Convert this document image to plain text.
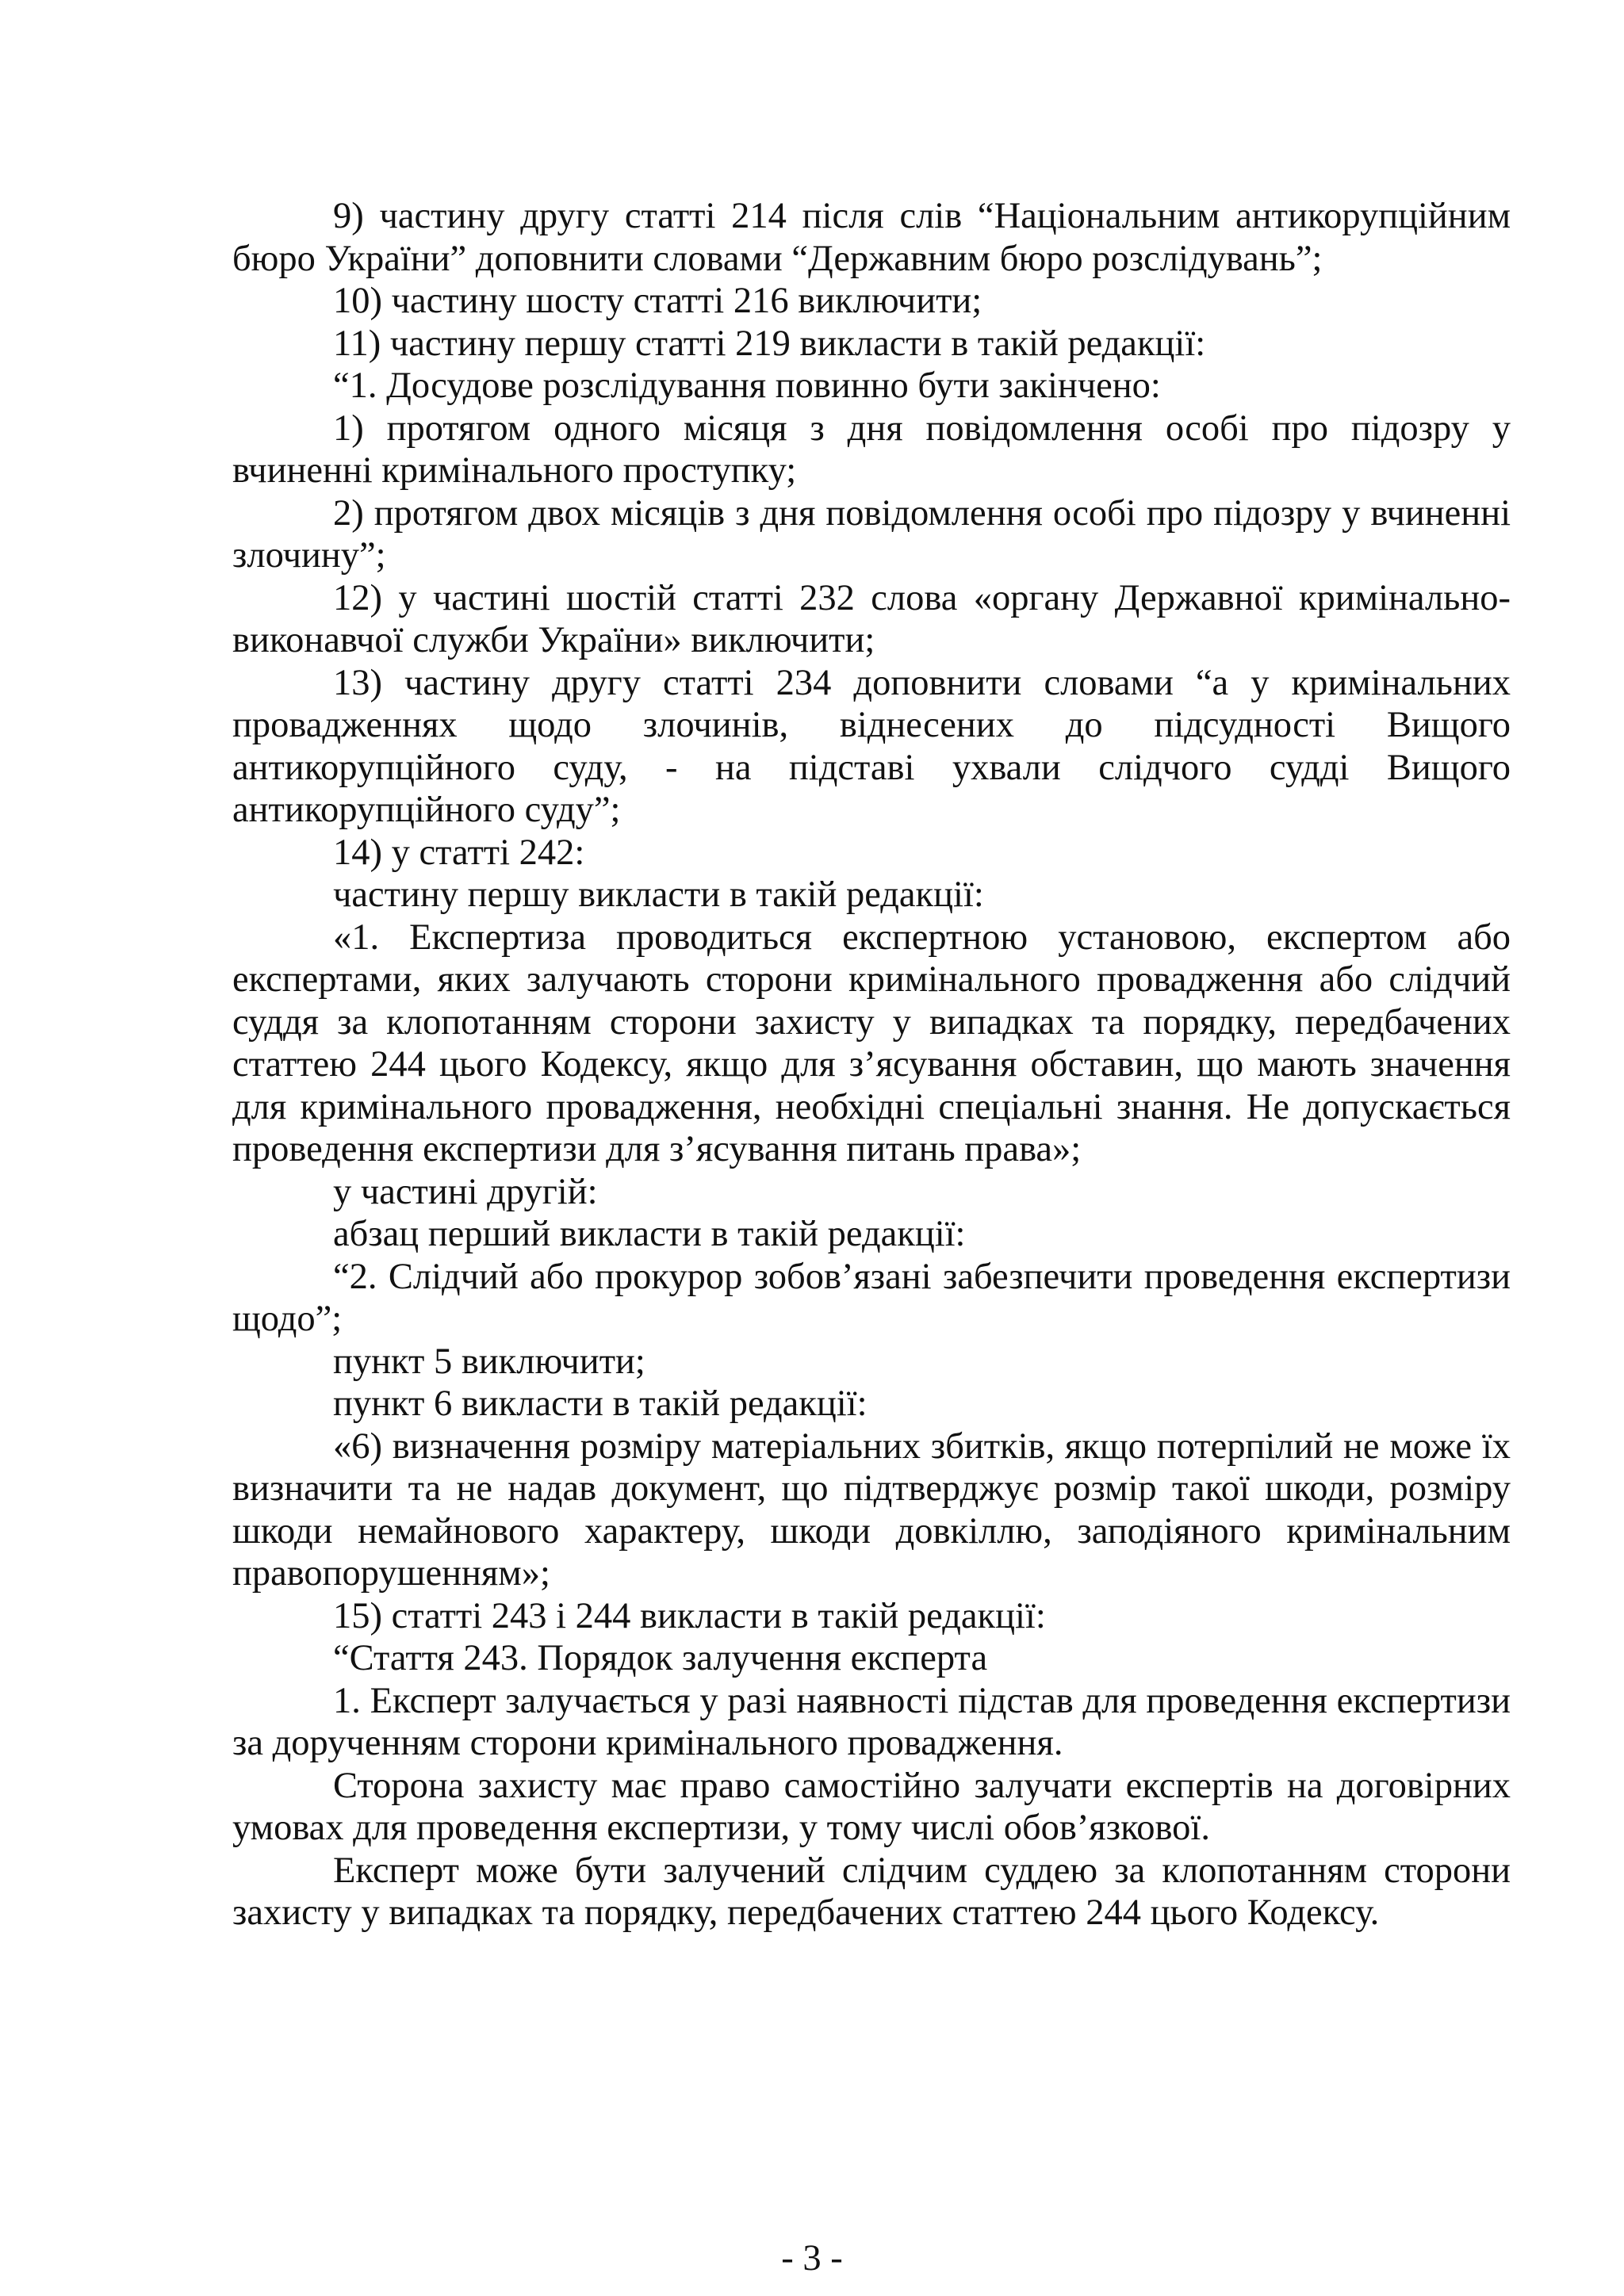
9) частину другу статті 214 після слів “Національним антикорупційним бюро України” доповнити словами “Державним бюро розслідувань”;

10) частину шосту статті 216 виключити;

11) частину першу статті 219 викласти в такій редакції:

“1. Досудове розслідування повинно бути закінчено:

1) протягом одного місяця з дня повідомлення особі про підозру у вчиненні кримінального проступку;

2) протягом двох місяців з дня повідомлення особі про підозру у вчиненні злочину”;

12) у частині шостій статті 232 слова «органу Державної кримінально-виконавчої служби України» виключити;

13) частину другу статті 234 доповнити словами “а у кримінальних провадженнях щодо злочинів, віднесених до підсудності Вищого антикорупційного суду, - на підставі ухвали слідчого судді Вищого антикорупційного суду”;

14) у статті 242:

частину першу викласти в такій редакції:

«1. Експертиза проводиться експертною установою, експертом або експертами, яких залучають сторони кримінального провадження або слідчий суддя за клопотанням сторони захисту у випадках та порядку, передбачених статтею 244 цього Кодексу, якщо для з’ясування обставин, що мають значення для кримінального провадження, необхідні спеціальні знання. Не допускається проведення експертизи для з’ясування питань права»;

у частині другій:

абзац перший викласти в такій редакції:

“2. Слідчий або прокурор зобов’язані забезпечити проведення експертизи щодо”;

пункт 5 виключити;

пункт 6 викласти в такій редакції:

«6) визначення розміру матеріальних збитків, якщо потерпілий не може їх визначити та не надав документ, що підтверджує розмір такої шкоди, розміру шкоди немайнового характеру, шкоди довкіллю, заподіяного кримінальним правопорушенням»;

15) статті 243 і 244 викласти в такій редакції:

“Стаття 243. Порядок залучення експерта

1. Експерт залучається у разі наявності підстав для проведення експертизи за дорученням сторони кримінального провадження.

Сторона захисту має право самостійно залучати експертів на договірних умовах для проведення експертизи, у тому числі обов’язкової.

Експерт може бути залучений слідчим суддею за клопотанням сторони захисту у випадках та порядку, передбачених статтею 244 цього Кодексу.

- 3 -
